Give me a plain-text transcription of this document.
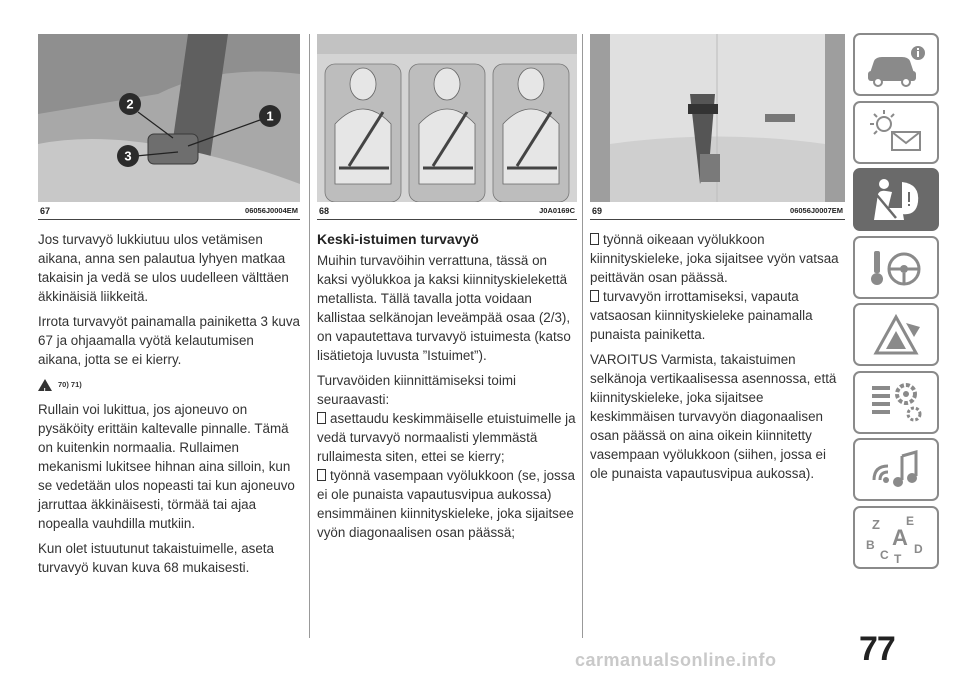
1
2
3
67	06056J0004EM

Jos turvavyö lukkiutuu ulos vetämisen aikana, anna sen palautua lyhyen matkaa takaisin ja vedä se ulos uudelleen välttäen äkkinäisiä liikkeitä.

Irrota turvavyöt painamalla painiketta 3 kuva 67 ja ohjaamalla vyötä kelautumisen aikana, jotta se ei kierry.

!
70) 71)

Rullain voi lukittua, jos ajoneuvo on pysäköity erittäin kaltevalle pinnalle. Tämä on kuitenkin normaalia. Rullaimen mekanismi lukitsee hihnan aina silloin, kun se vedetään ulos nopeasti tai kun ajoneuvo jarruttaa äkkinäisesti, törmää tai ajaa nopealla vauhdilla mutkiin.

Kun olet istuutunut takaistuimelle, aseta turvavyö kuvan kuva 68 mukaisesti.

68	J0A0169C
Keski-istuimen turvavyö

Muihin turvavöihin verrattuna, tässä on kaksi vyölukkoa ja kaksi kiinnityskielekettä metallista. Tällä tavalla jotta voidaan kallistaa selkänojan leveämpää osaa (2/3), on vapautettava turvavyö istuimesta (katso lisätietoja luvusta ”Istuimet”).

Turvavöiden kiinnittämiseksi toimi seuraavasti:

asettaudu keskimmäiselle etuistuimelle ja vedä turvavyö normaalisti ylemmästä rullaimesta siten, ettei se kierry;

työnnä vasempaan vyölukkoon (se, jossa ei ole punaista vapautusvipua aukossa) ensimmäinen kiinnityskieleke, joka sijaitsee vyön diagonaalisen osan päässä;

69	06056J0007EM

työnnä oikeaan vyölukkoon kiinnityskieleke, joka sijaitsee vyön vatsaa peittävän osan päässä.

turvavyön irrottamiseksi, vapauta vatsaosan kiinnityskieleke painamalla punaista painiketta.

VAROITUS Varmista, takaistuimen selkänoja vertikaalisessa asennossa, että kiinnityskieleke, joka sijaitsee keskimmäisen turvavyön diagonaalisen osan päässä on aina oikein kiinnitetty vasempaan vyölukkoon (siihen, jossa ei ole punaista vapautusvipua aukossa).

Z E
A
B
C D
T
77
carmanualsonline.info
